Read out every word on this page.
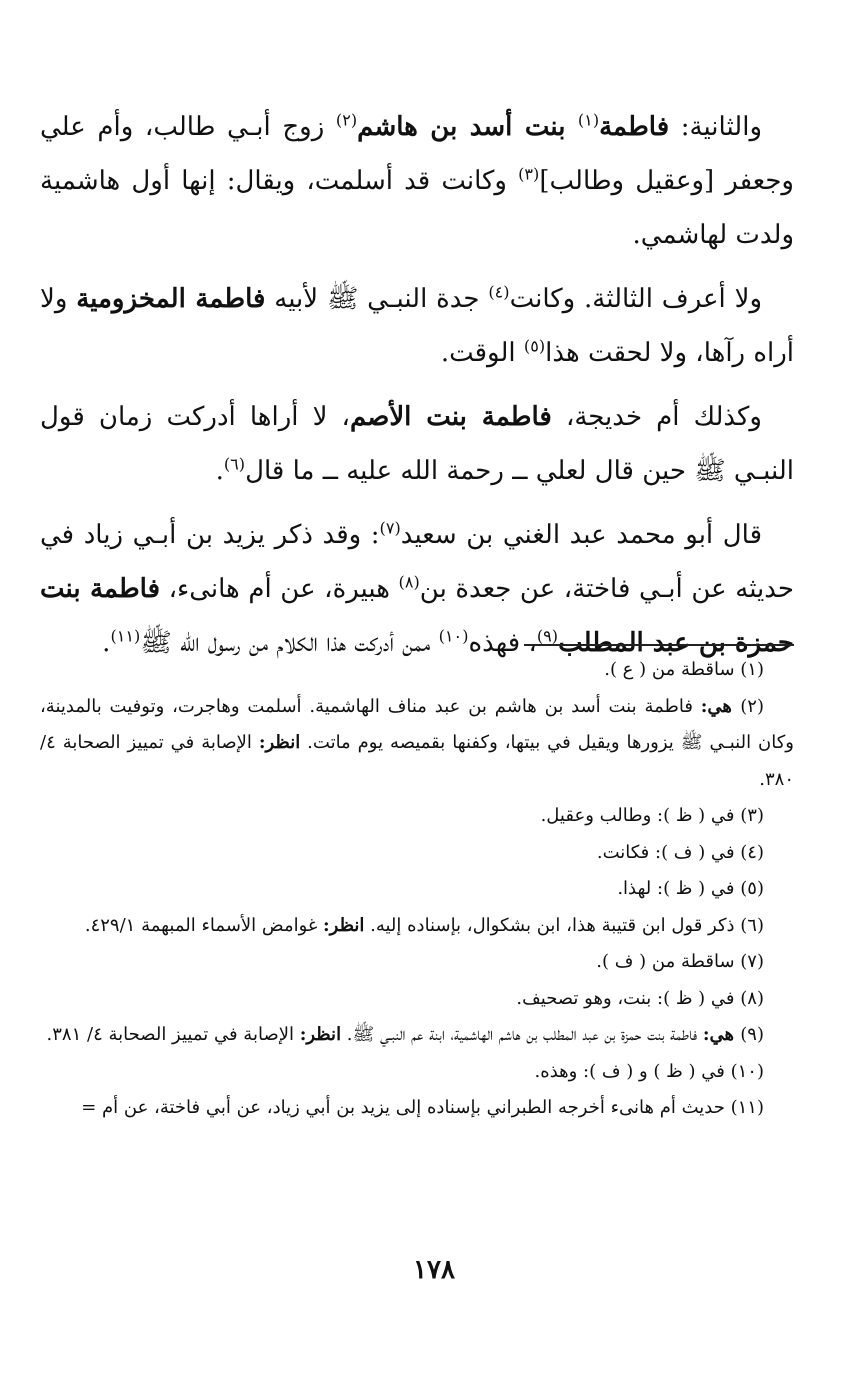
والثانية: فاطمة$^{(١)}$ بنت أسد بن هاشم$^{(٢)}$ زوج أبـي طالب، وأم علي وجعفر [وعقيل وطالب]$^{(٣)}$ وكانت قد أسلمت، ويقال: إنها أول هاشمية ولدت لهاشمي.

ولا أعرف الثالثة. وكانت$^{(٤)}$ جدة النبـي ﷺ لأبيه فاطمة المخزومية ولا أراه رآها، ولا لحقت هذا$^{(٥)}$ الوقت.

وكذلك أم خديجة، فاطمة بنت الأصم، لا أراها أدركت زمان قول النبـي ﷺ حين قال لعلي ــ رحمة الله عليه ــ ما قال$^{(٦)}$.

قال أبو محمد عبد الغني بن سعيد$^{(٧)}$: وقد ذكر يزيد بن أبـي زياد في حديثه عن أبـي فاختة، عن جعدة بن$^{(٨)}$ هبيرة، عن أم هانىء، فاطمة بنت حمزة بن عبد المطلب$^{(٩)}$، فهذه$^{(١٠)}$ ممن أدركت هذا الكلام من رسول الله ﷺ$^{(١١)}$.

(١) ساقطة من ( ع ).

(٢) هي: فاطمة بنت أسد بن هاشم بن عبد مناف الهاشمية. أسلمت وهاجرت، وتوفيت بالمدينة، وكان النبـي ﷺ يزورها ويقيل في بيتها، وكفنها بقميصه يوم ماتت. انظر: الإصابة في تمييز الصحابة ٤/ ٣٨٠.

(٣) في ( ظ ): وطالب وعقيل.

(٤) في ( ف ): فكانت.

(٥) في ( ظ ): لهذا.

(٦) ذكر قول ابن قتيبة هذا، ابن بشكوال، بإسناده إليه. انظر: غوامض الأسماء المبهمة ٤٢٩/١.

(٧) ساقطة من ( ف ).

(٨) في ( ظ ): بنت، وهو تصحيف.

(٩) هي: فاطمة بنت حمزة بن عبد المطلب بن هاشم الهاشمية، ابنة عم النبـي ﷺ. انظر: الإصابة في تمييز الصحابة ٤/ ٣٨١.

(١٠) في ( ظ ) و ( ف ): وهذه.

(١١) حديث أم هانىء أخرجه الطبراني بإسناده إلى يزيد بن أبي زياد، عن أبي فاختة، عن أم =

١٧٨
